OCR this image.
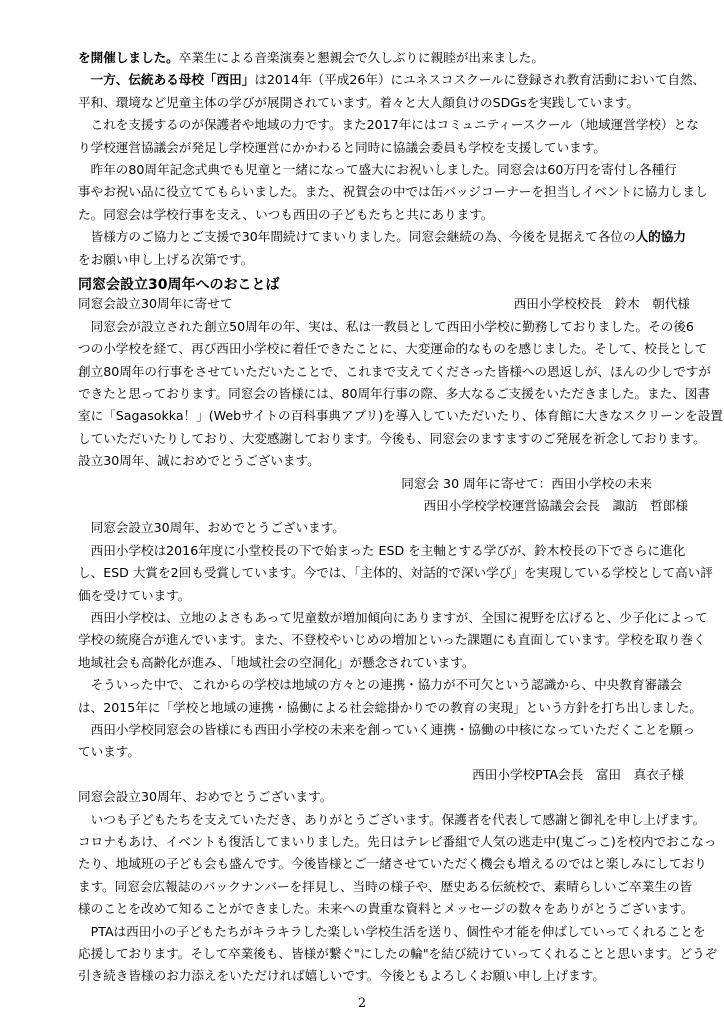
を開催しました。卒業生による音楽演奏と懇親会で久しぶりに親睦が出来ました。
　一方、伝統ある母校「西田」は2014年（平成26年）にユネスコスクールに登録され教育活動において自然、
平和、環境など児童主体の学びが展開されています。着々と大人顔負けのSDGsを実践しています。
　これを支援するのが保護者や地域の力です。また2017年にはコミュニティースクール（地域運営学校）とな
り学校運営協議会が発足し学校運営にかかわると同時に協議会委員も学校を支援しています。
　昨年の80周年記念式典でも児童と一緒になって盛大にお祝いしました。同窓会は60万円を寄付し各種行
事やお祝い品に役立ててもらいました。また、祝賀会の中では缶バッジコーナーを担当しイベントに協力しまし
た。同窓会は学校行事を支え、いつも西田の子どもたちと共にあります。
　皆様方のご協力とご支援で30年間続けてまいりました。同窓会継続の為、今後を見据えて各位の人的協力
をお願い申し上げる次第です。
同窓会設立30周年へのおことば
同窓会設立30周年に寄せて	西田小学校校長　鈴木　朝代様
　同窓会が設立された創立50周年の年、実は、私は一教員として西田小学校に勤務しておりました。その後6
つの小学校を経て、再び西田小学校に着任できたことに、大変運命的なものを感じました。そして、校長として
創立80周年の行事をさせていただいたことで、これまで支えてくださった皆様への恩返しが、ほんの少しですが
できたと思っております。同窓会の皆様には、80周年行事の際、多大なるご支援をいただきました。また、図書
室に「Sagasokka！」(Webサイトの百科事典アプリ)を導入していただいたり、体育館に大きなスクリーンを設置
していただいたりしており、大変感謝しております。今後も、同窓会のますますのご発展を祈念しております。
設立30周年、誠におめでとうございます。
同窓会 30 周年に寄せて：西田小学校の未来
西田小学校学校運営協議会会長　諏訪　哲郎様
　同窓会設立30周年、おめでとうございます。
　西田小学校は2016年度に小堂校長の下で始まった ESD を主軸とする学びが、鈴木校長の下でさらに進化
し、ESD 大賞を2回も受賞しています。今では、「主体的、対話的で深い学び」を実現している学校として高い評
価を受けています。
　西田小学校は、立地のよさもあって児童数が増加傾向にありますが、全国に視野を広げると、少子化によって
学校の統廃合が進んでいます。また、不登校やいじめの増加といった課題にも直面しています。学校を取り巻く
地域社会も高齢化が進み、「地域社会の空洞化」が懸念されています。
　そういった中で、これからの学校は地域の方々との連携・協力が不可欠という認識から、中央教育審議会
は、2015年に「学校と地域の連携・協働による社会総掛かりでの教育の実現」という方針を打ち出しました。
　西田小学校同窓会の皆様にも西田小学校の未来を創っていく連携・協働の中核になっていただくことを願っ
ています。
西田小学校PTA会長　富田　真衣子様
同窓会設立30周年、おめでとうございます。
　いつも子どもたちを支えていただき、ありがとうございます。保護者を代表して感謝と御礼を申し上げます。
コロナもあけ、イベントも復活してまいりました。先日はテレビ番組で人気の逃走中(鬼ごっこ)を校内でおこなっ
たり、地域班の子ども会も盛んです。今後皆様とご一緒させていただく機会も増えるのではと楽しみにしており
ます。同窓会広報誌のバックナンバーを拝見し、当時の様子や、歴史ある伝統校で、素晴らしいご卒業生の皆
様のことを改めて知ることができました。未来への貴重な資料とメッセージの数々をありがとうございます。
　PTAは西田小の子どもたちがキラキラした楽しい学校生活を送り、個性や才能を伸ばしていってくれることを
応援しております。そして卒業後も、皆様が繋ぐ"にしたの輪"を結び続けていってくれることと思います。どうぞ
引き続き皆様のお力添えをいただければ嬉しいです。今後ともよろしくお願い申し上げます。
2
